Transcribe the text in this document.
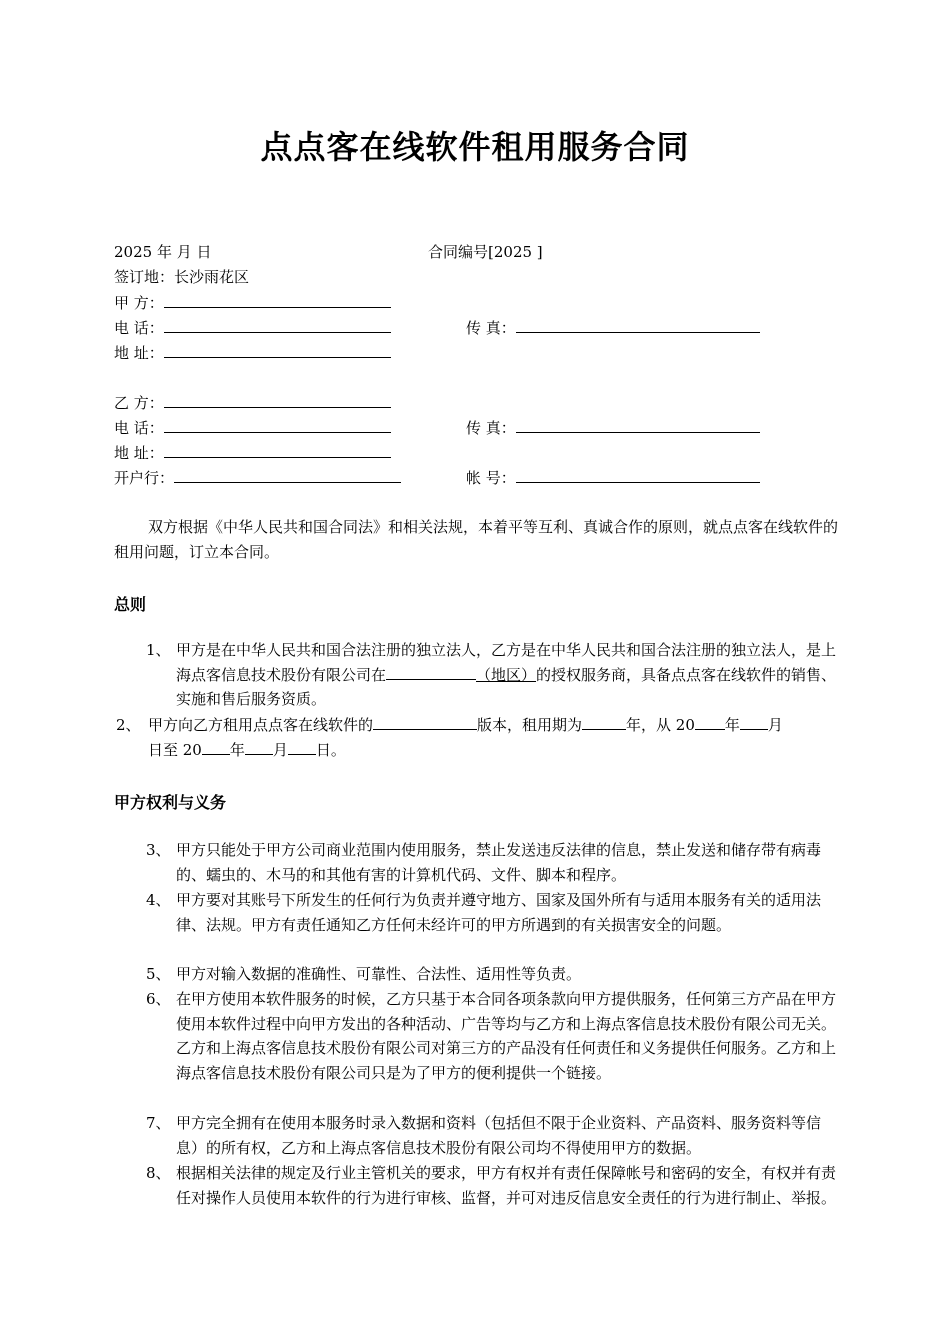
点点客在线软件租用服务合同
2025 年 月 日	合同编号[2025 ]
签订地：长沙雨花区
甲 方：
电 话：	传 真：
地 址：
乙 方：
电 话：	传 真：
地 址：
开户行：	帐 号：
双方根据《中华人民共和国合同法》和相关法规，本着平等互利、真诚合作的原则，就点点客在线软件的租用问题，订立本合同。
总则
1、 甲方是在中华人民共和国合法注册的独立法人，乙方是在中华人民共和国合法注册的独立法人，是上海点客信息技术股份有限公司在	（地区）的授权服务商，具备点点客在线软件的销售、实施和售后服务资质。
2、 甲方向乙方租用点点客在线软件的	版本，租用期为	年，从 20 年 月
日至 20 年 月 日。
甲方权利与义务
3、 甲方只能处于甲方公司商业范围内使用服务，禁止发送违反法律的信息，禁止发送和储存带有病毒的、蠕虫的、木马的和其他有害的计算机代码、文件、脚本和程序。
4、 甲方要对其账号下所发生的任何行为负责并遵守地方、国家及国外所有与适用本服务有关的适用法律、法规。甲方有责任通知乙方任何未经许可的甲方所遇到的有关损害安全的问题。
5、 甲方对输入数据的准确性、可靠性、合法性、适用性等负责。
6、 在甲方使用本软件服务的时候，乙方只基于本合同各项条款向甲方提供服务，任何第三方产品在甲方使用本软件过程中向甲方发出的各种活动、广告等均与乙方和上海点客信息技术股份有限公司无关。乙方和上海点客信息技术股份有限公司对第三方的产品没有任何责任和义务提供任何服务。乙方和上海点客信息技术股份有限公司只是为了甲方的便利提供一个链接。
7、 甲方完全拥有在使用本服务时录入数据和资料（包括但不限于企业资料、产品资料、服务资料等信息）的所有权，乙方和上海点客信息技术股份有限公司均不得使用甲方的数据。
8、 根据相关法律的规定及行业主管机关的要求，甲方有权并有责任保障帐号和密码的安全，有权并有责任对操作人员使用本软件的行为进行审核、监督，并可对违反信息安全责任的行为进行制止、举报。
